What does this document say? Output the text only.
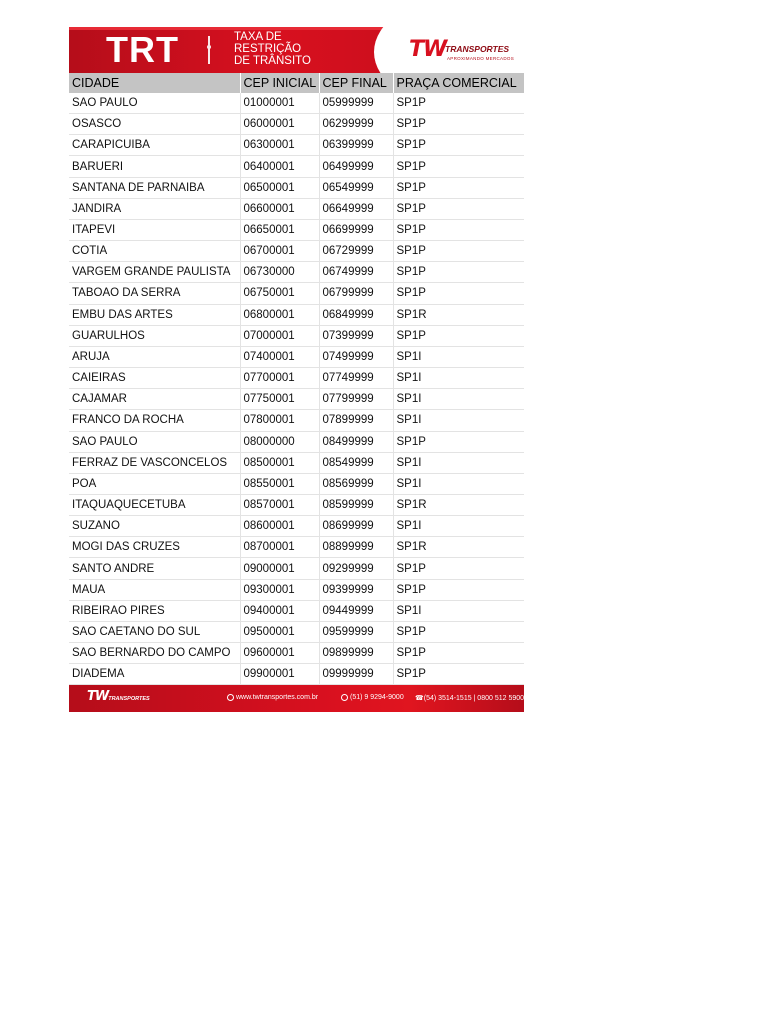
TRT	TAXA DE
RESTRIÇÃO
DE TRÂNSITO	TW
TRANSPORTES
APROXIMANDO MERCADOS
CIDADE	CEP INICIAL	CEP FINAL	PRAÇA COMERCIAL
SAO PAULO	01000001	05999999	SP1P
OSASCO	06000001	06299999	SP1P
CARAPICUIBA	06300001	06399999	SP1P
BARUERI	06400001	06499999	SP1P
SANTANA DE PARNAIBA	06500001	06549999	SP1P
JANDIRA	06600001	06649999	SP1P
ITAPEVI	06650001	06699999	SP1P
COTIA	06700001	06729999	SP1P
VARGEM GRANDE PAULISTA	06730000	06749999	SP1P
TABOAO DA SERRA	06750001	06799999	SP1P
EMBU DAS ARTES	06800001	06849999	SP1R
GUARULHOS	07000001	07399999	SP1P
ARUJA	07400001	07499999	SP1I
CAIEIRAS	07700001	07749999	SP1I
CAJAMAR	07750001	07799999	SP1I
FRANCO DA ROCHA	07800001	07899999	SP1I
SAO PAULO	08000000	08499999	SP1P
FERRAZ DE VASCONCELOS	08500001	08549999	SP1I
POA	08550001	08569999	SP1I
ITAQUAQUECETUBA	08570001	08599999	SP1R
SUZANO	08600001	08699999	SP1I
MOGI DAS CRUZES	08700001	08899999	SP1R
SANTO ANDRE	09000001	09299999	SP1P
MAUA	09300001	09399999	SP1P
RIBEIRAO PIRES	09400001	09449999	SP1I
SAO CAETANO DO SUL	09500001	09599999	SP1P
SAO BERNARDO DO CAMPO	09600001	09899999	SP1P
DIADEMA	09900001	09999999	SP1P
TWTRANSPORTES	www.twtransportes.com.br	(51) 9 9294-9000 ☎(54) 3514-1515 | 0800 512 5900
